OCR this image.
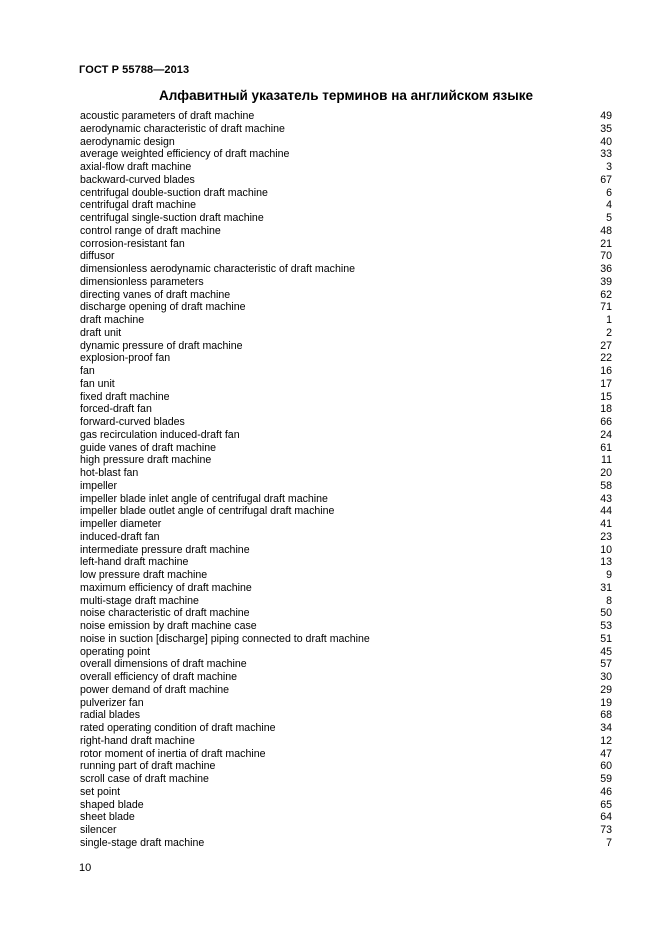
ГОСТ Р 55788—2013
Алфавитный указатель терминов на английском языке
acoustic parameters of draft machine	49
aerodynamic characteristic of draft machine	35
aerodynamic design	40
average weighted efficiency of draft machine	33
axial-flow draft machine	3
backward-curved blades	67
centrifugal double-suction draft machine	6
centrifugal draft machine	4
centrifugal single-suction draft machine	5
control range of draft machine	48
corrosion-resistant fan	21
diffusor	70
dimensionless aerodynamic characteristic of draft machine	36
dimensionless parameters	39
directing vanes of draft machine	62
discharge opening of draft machine	71
draft machine	1
draft unit	2
dynamic pressure of draft machine	27
explosion-proof fan	22
fan	16
fan unit	17
fixed draft machine	15
forced-draft fan	18
forward-curved blades	66
gas recirculation induced-draft fan	24
guide vanes of draft machine	61
high pressure draft machine	11
hot-blast fan	20
impeller	58
impeller blade inlet angle of centrifugal draft machine	43
impeller blade outlet angle of centrifugal draft machine	44
impeller diameter	41
induced-draft fan	23
intermediate pressure draft machine	10
left-hand draft machine	13
low pressure draft machine	9
maximum efficiency of draft machine	31
multi-stage draft machine	8
noise characteristic of draft machine	50
noise emission by draft machine case	53
noise in suction [discharge] piping connected to draft machine	51
operating point	45
overall dimensions of draft machine	57
overall efficiency of draft machine	30
power demand of draft machine	29
pulverizer fan	19
radial blades	68
rated operating condition of draft machine	34
right-hand draft machine	12
rotor moment of inertia of draft machine	47
running part of draft machine	60
scroll case of draft machine	59
set point	46
shaped blade	65
sheet blade	64
silencer	73
single-stage draft machine	7
10
